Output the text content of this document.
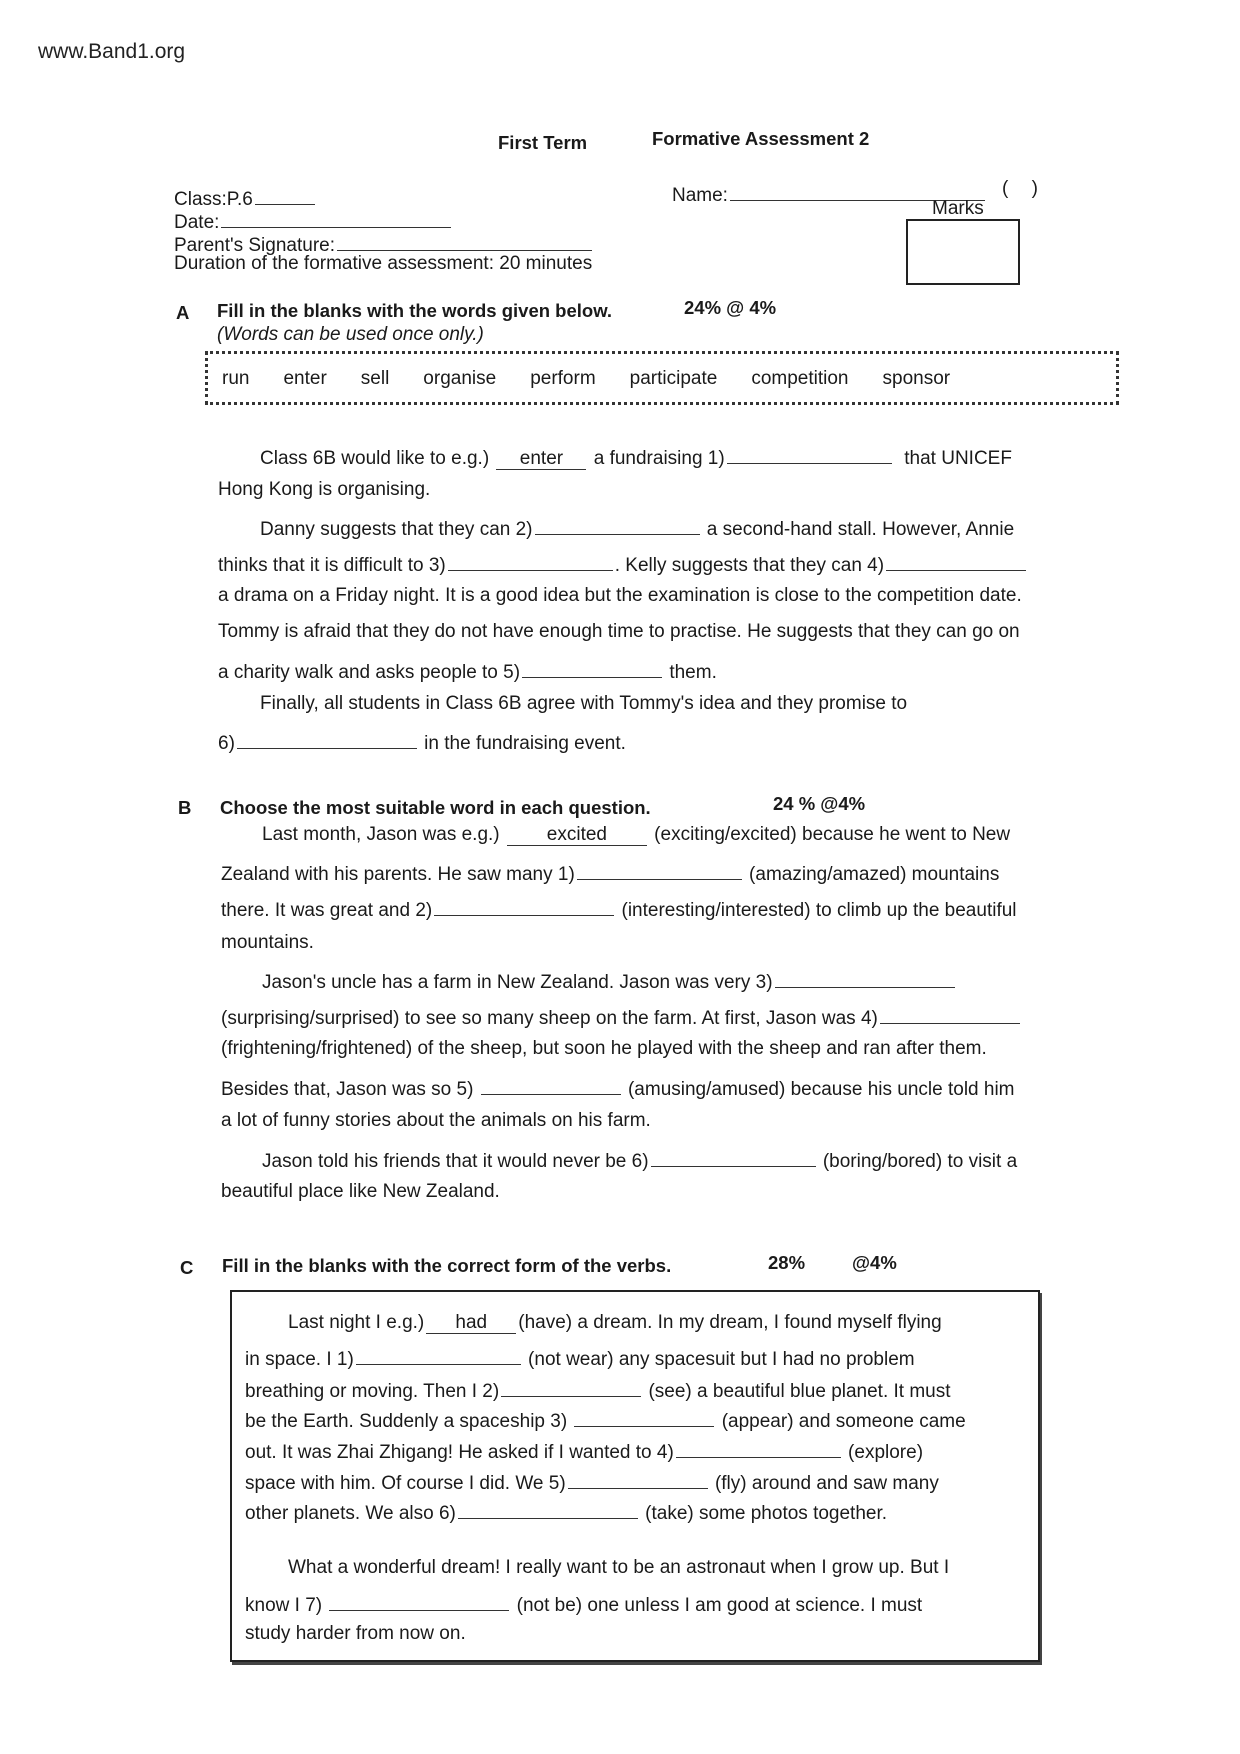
www.Band1.org
First Term	Formative Assessment 2
Class:P.6
Date:
Parent's Signature:
Duration of the formative assessment: 20 minutes
Name:	( )
Marks
A Fill in the blanks with the words given below.	24% @ 4%
(Words can be used once only.)
run enter sell organise perform participate competition sponsor
Class 6B would like to e.g.) enter a fundraising 1)	that UNICEF
Hong Kong is organising.
Danny suggests that they can 2)	a second-hand stall. However, Annie
thinks that it is difficult to 3)	. Kelly suggests that they can 4)
a drama on a Friday night. It is a good idea but the examination is close to the competition date.
Tommy is afraid that they do not have enough time to practise. He suggests that they can go on
a charity walk and asks people to 5)	them.
Finally, all students in Class 6B agree with Tommy's idea and they promise to
6)	in the fundraising event.
B Choose the most suitable word in each question.	24 % @4%
Last month, Jason was e.g.) excited (exciting/excited) because he went to New
Zealand with his parents. He saw many 1)	(amazing/amazed) mountains
there. It was great and 2)	(interesting/interested) to climb up the beautiful
mountains.
Jason's uncle has a farm in New Zealand. Jason was very 3)
(surprising/surprised) to see so many sheep on the farm. At first, Jason was 4)
(frightening/frightened) of the sheep, but soon he played with the sheep and ran after them.
Besides that, Jason was so 5)	(amusing/amused) because his uncle told him
a lot of funny stories about the animals on his farm.
Jason told his friends that it would never be 6)	(boring/bored) to visit a
beautiful place like New Zealand.
C Fill in the blanks with the correct form of the verbs.	28%	@4%
Last night I e.g.) had (have) a dream. In my dream, I found myself flying
in space. I 1)	(not wear) any spacesuit but I had no problem
breathing or moving. Then I 2)	(see) a beautiful blue planet. It must
be the Earth. Suddenly a spaceship 3)	(appear) and someone came
out. It was Zhai Zhigang! He asked if I wanted to 4)	(explore)
space with him. Of course I did. We 5)	(fly) around and saw many
other planets. We also 6)	(take) some photos together.
What a wonderful dream! I really want to be an astronaut when I grow up. But I
know I 7)	(not be) one unless I am good at science. I must
study harder from now on.
